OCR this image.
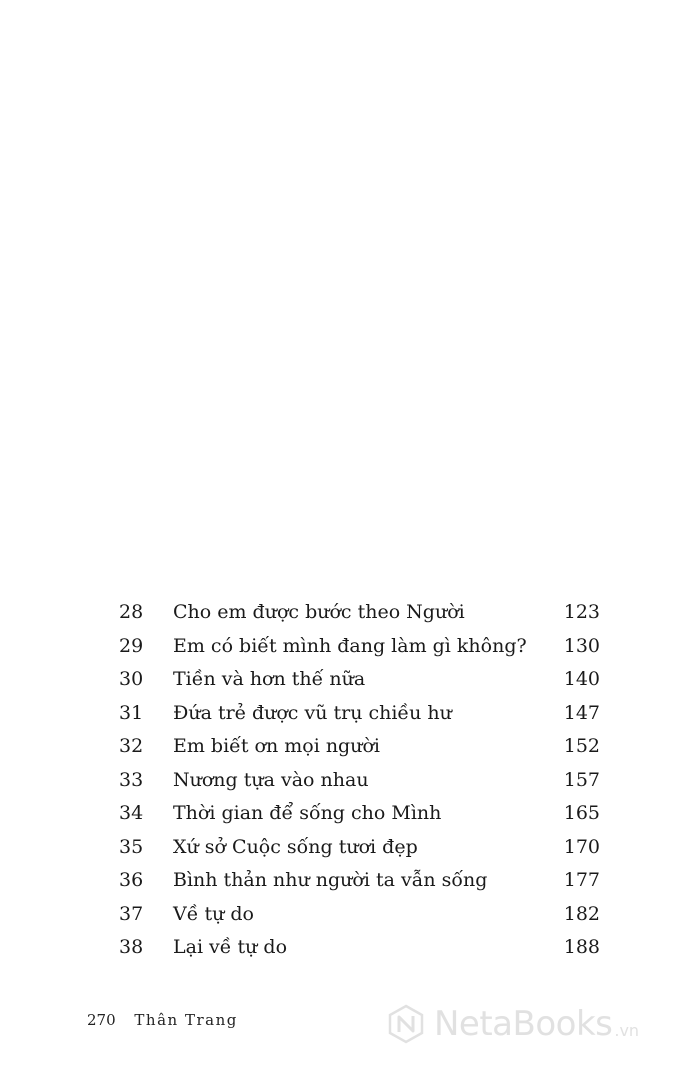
28	Cho em được bước theo Người	123
29	Em có biết mình đang làm gì không? 130
30	Tiền và hơn thế nữa	140
31	Đứa trẻ được vũ trụ chiều hư	147
32	Em biết ơn mọi người	152
33	Nương tựa vào nhau	157
34	Thời gian để sống cho Mình	165
35	Xứ sở Cuộc sống tươi đẹp	170
36	Bình thản như người ta vẫn sống	177
37	Về tự do	182
38	Lại về tự do	188
270 Thân Trang	NetaBooks .vn
